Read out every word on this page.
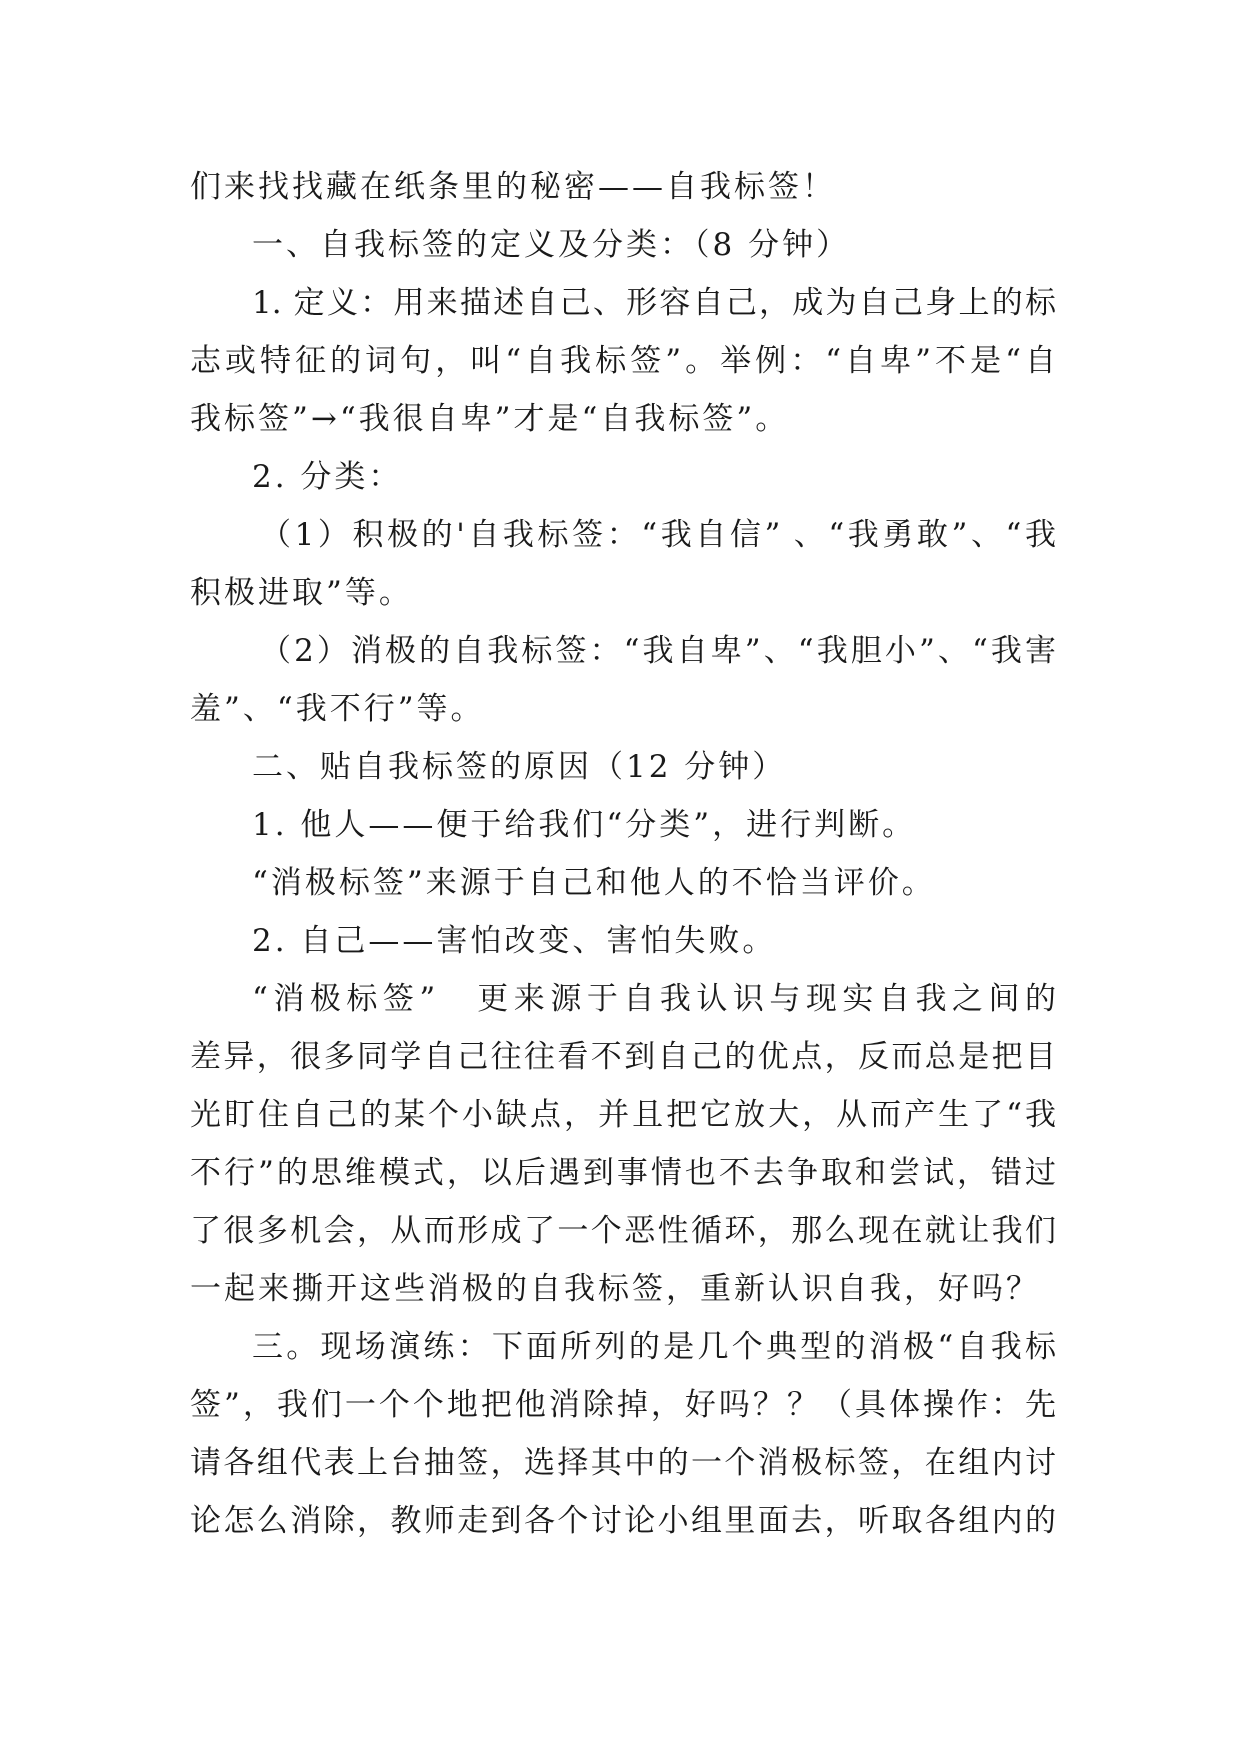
们来找找藏在纸条里的秘密——自我标签！
一、自我标签的定义及分类：（8 分钟）
1. 定义：用来描述自己、形容自己，成为自己身上的标
志或特征的词句，叫“自我标签”。举例：“自卑”不是“自
我标签”→“我很自卑”才是“自我标签”。
2. 分类：
（1）积极的'自我标签：“我自信” 、“我勇敢”、“我
积极进取”等。
（2）消极的自我标签：“我自卑”、“我胆小”、“我害
羞”、“我不行”等。
二、贴自我标签的原因（12 分钟）
1. 他人——便于给我们“分类”，进行判断。
“消极标签”来源于自己和他人的不恰当评价。
2. 自己——害怕改变、害怕失败。
“消极标签”　更来源于自我认识与现实自我之间的
差异，很多同学自己往往看不到自己的优点，反而总是把目
光盯住自己的某个小缺点，并且把它放大，从而产生了“我
不行”的思维模式，以后遇到事情也不去争取和尝试，错过
了很多机会，从而形成了一个恶性循环，那么现在就让我们
一起来撕开这些消极的自我标签，重新认识自我，好吗？
三。现场演练：下面所列的是几个典型的消极“自我标
签”，我们一个个地把他消除掉，好吗？？（具体操作：先
请各组代表上台抽签，选择其中的一个消极标签，在组内讨
论怎么消除，教师走到各个讨论小组里面去，听取各组内的
